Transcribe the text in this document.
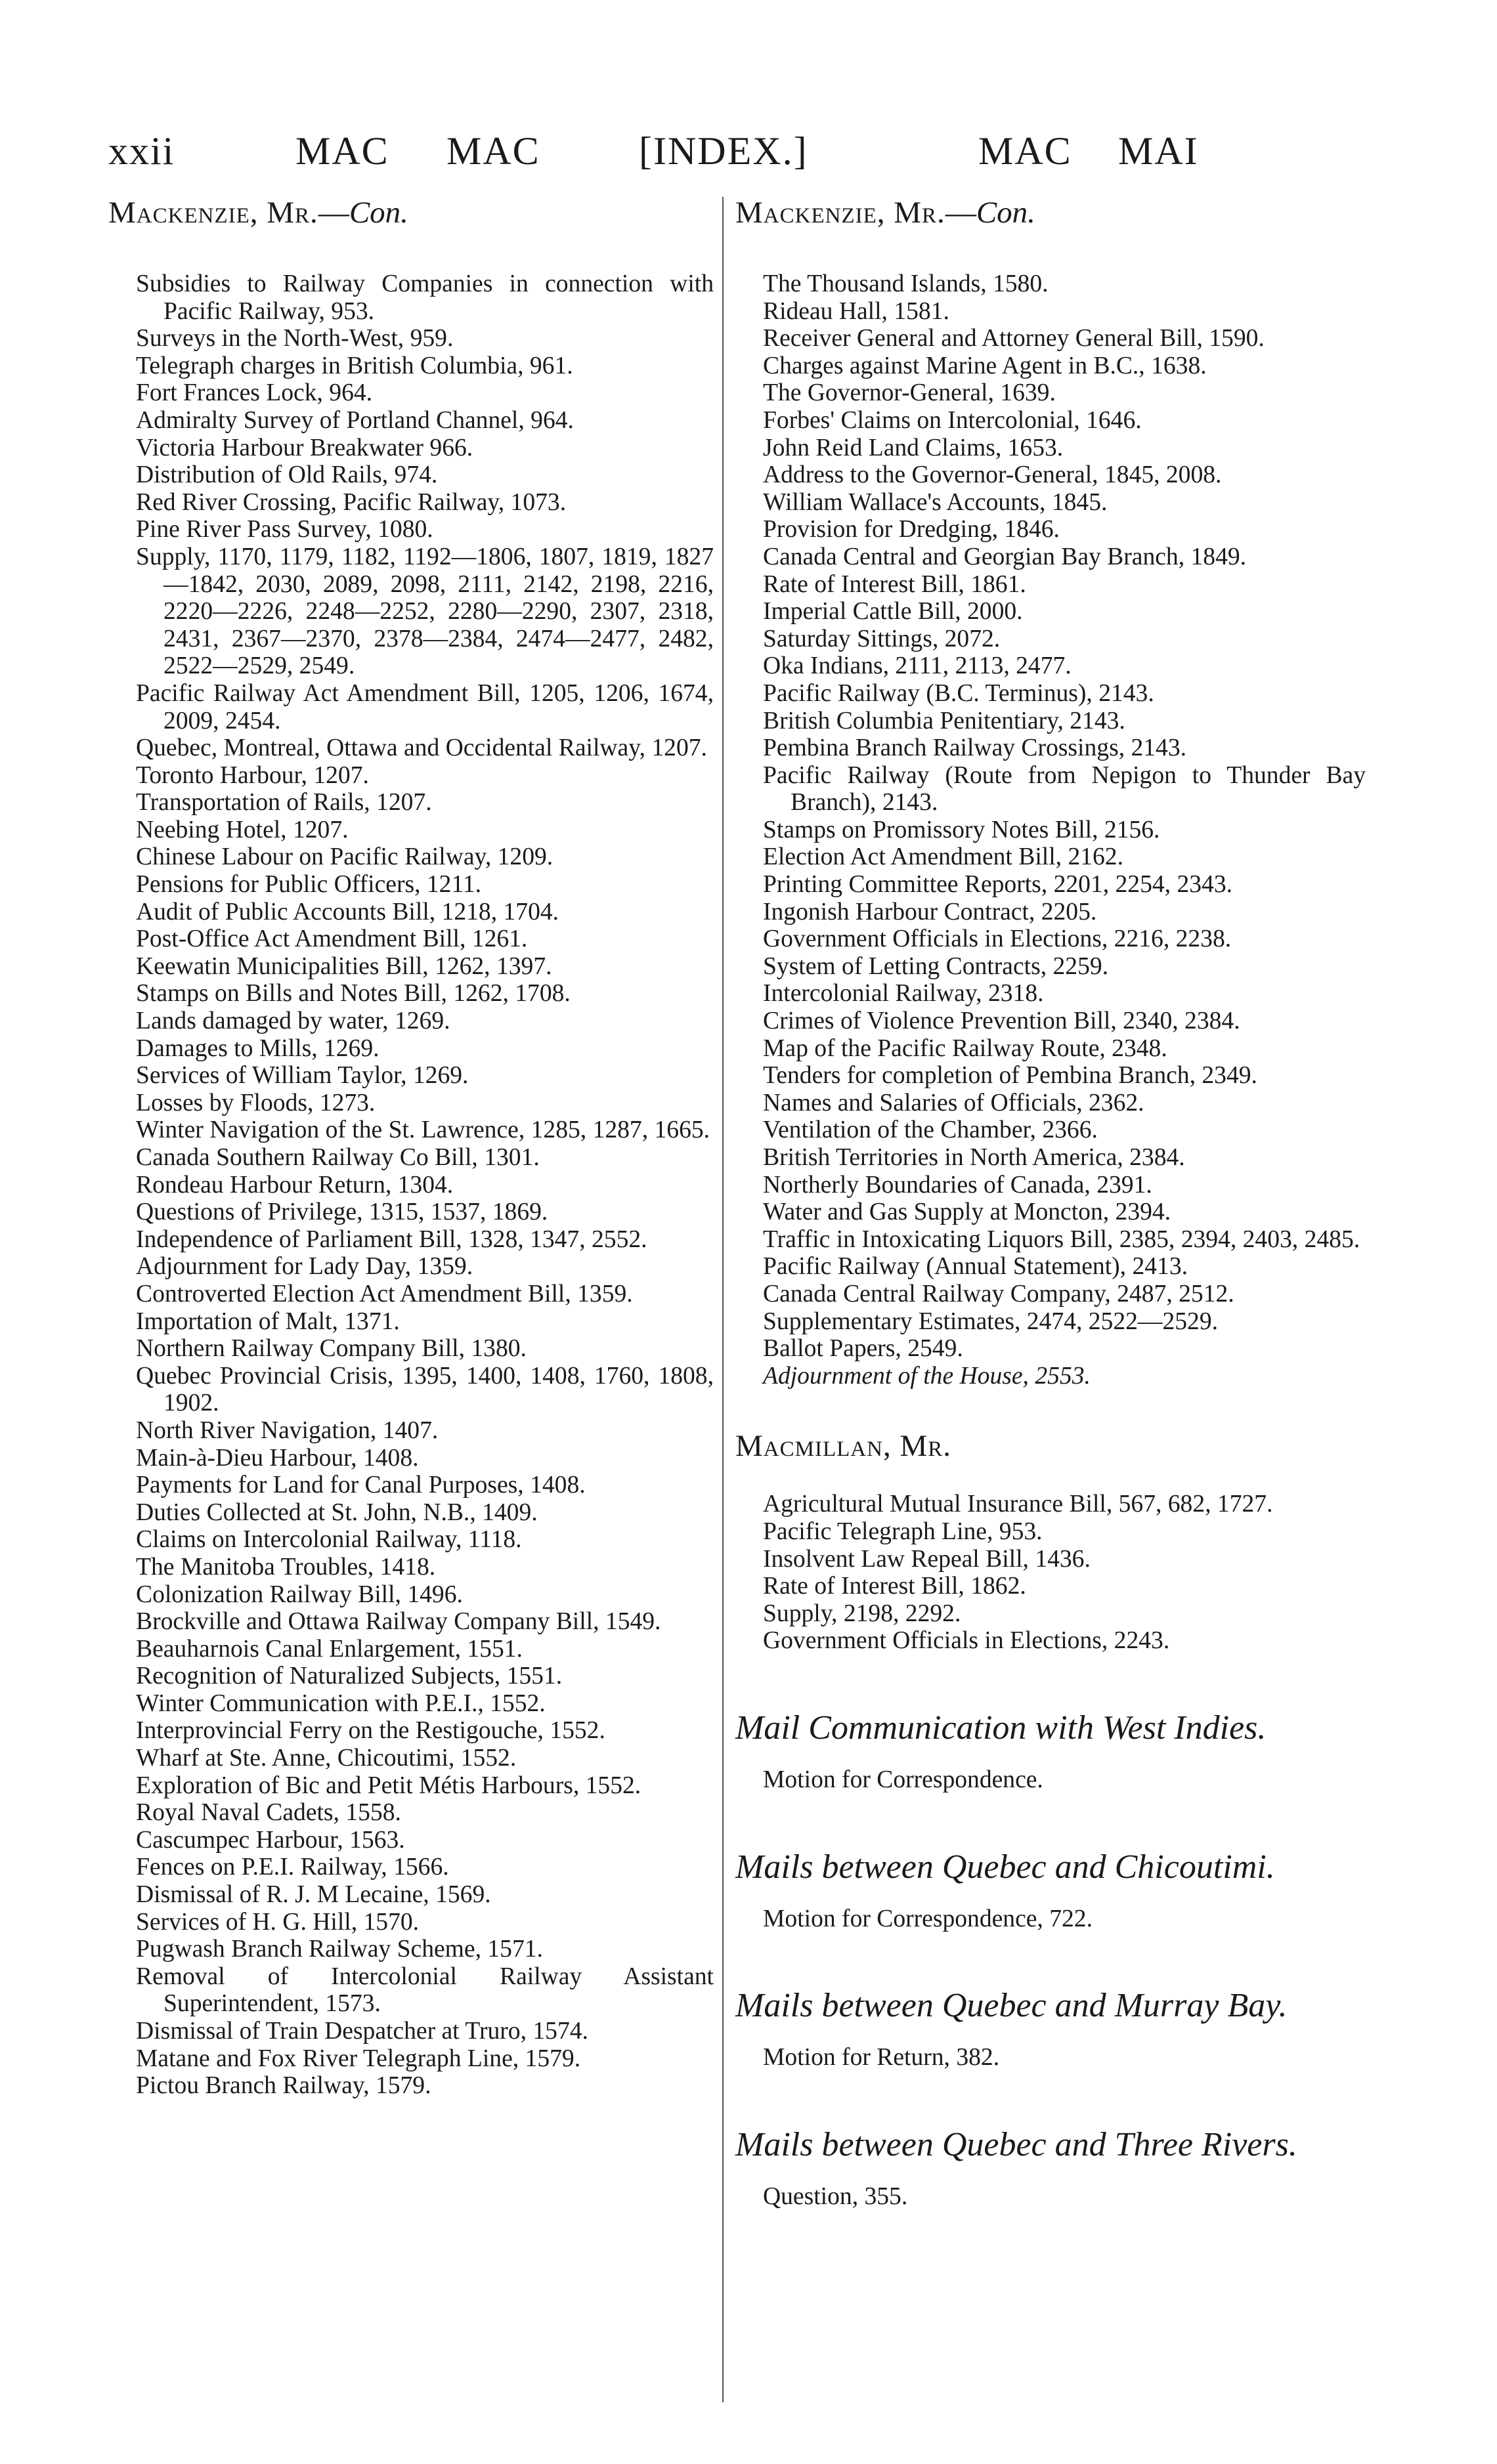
xxii	MAC MAC	[INDEX.]	MAC MAI
Mackenzie, Mr.—Con.
Subsidies to Railway Companies in connection with Pacific Railway, 953.
Surveys in the North-West, 959.
Telegraph charges in British Columbia, 961.
Fort Frances Lock, 964.
Admiralty Survey of Portland Channel, 964.
Victoria Harbour Breakwater 966.
Distribution of Old Rails, 974.
Red River Crossing, Pacific Railway, 1073.
Pine River Pass Survey, 1080.
Supply, 1170, 1179, 1182, 1192—1806, 1807, 1819, 1827—1842, 2030, 2089, 2098, 2111, 2142, 2198, 2216, 2220—2226, 2248—2252, 2280—2290, 2307, 2318, 2431, 2367—2370, 2378—2384, 2474—2477, 2482, 2522—2529, 2549.
Pacific Railway Act Amendment Bill, 1205, 1206, 1674, 2009, 2454.
Quebec, Montreal, Ottawa and Occidental Railway, 1207.
Toronto Harbour, 1207.
Transportation of Rails, 1207.
Neebing Hotel, 1207.
Chinese Labour on Pacific Railway, 1209.
Pensions for Public Officers, 1211.
Audit of Public Accounts Bill, 1218, 1704.
Post-Office Act Amendment Bill, 1261.
Keewatin Municipalities Bill, 1262, 1397.
Stamps on Bills and Notes Bill, 1262, 1708.
Lands damaged by water, 1269.
Damages to Mills, 1269.
Services of William Taylor, 1269.
Losses by Floods, 1273.
Winter Navigation of the St. Lawrence, 1285, 1287, 1665.
Canada Southern Railway Co Bill, 1301.
Rondeau Harbour Return, 1304.
Questions of Privilege, 1315, 1537, 1869.
Independence of Parliament Bill, 1328, 1347, 2552.
Adjournment for Lady Day, 1359.
Controverted Election Act Amendment Bill, 1359.
Importation of Malt, 1371.
Northern Railway Company Bill, 1380.
Quebec Provincial Crisis, 1395, 1400, 1408, 1760, 1808, 1902.
North River Navigation, 1407.
Main-à-Dieu Harbour, 1408.
Payments for Land for Canal Purposes, 1408.
Duties Collected at St. John, N.B., 1409.
Claims on Intercolonial Railway, 1118.
The Manitoba Troubles, 1418.
Colonization Railway Bill, 1496.
Brockville and Ottawa Railway Company Bill, 1549.
Beauharnois Canal Enlargement, 1551.
Recognition of Naturalized Subjects, 1551.
Winter Communication with P.E.I., 1552.
Interprovincial Ferry on the Restigouche, 1552.
Wharf at Ste. Anne, Chicoutimi, 1552.
Exploration of Bic and Petit Métis Harbours, 1552.
Royal Naval Cadets, 1558.
Cascumpec Harbour, 1563.
Fences on P.E.I. Railway, 1566.
Dismissal of R. J. M Lecaine, 1569.
Services of H. G. Hill, 1570.
Pugwash Branch Railway Scheme, 1571.
Removal of Intercolonial Railway Assistant Superintendent, 1573.
Dismissal of Train Despatcher at Truro, 1574.
Matane and Fox River Telegraph Line, 1579.
Pictou Branch Railway, 1579.
Mackenzie, Mr.—Con.
The Thousand Islands, 1580.
Rideau Hall, 1581.
Receiver General and Attorney General Bill, 1590.
Charges against Marine Agent in B.C., 1638.
The Governor-General, 1639.
Forbes' Claims on Intercolonial, 1646.
John Reid Land Claims, 1653.
Address to the Governor-General, 1845, 2008.
William Wallace's Accounts, 1845.
Provision for Dredging, 1846.
Canada Central and Georgian Bay Branch, 1849.
Rate of Interest Bill, 1861.
Imperial Cattle Bill, 2000.
Saturday Sittings, 2072.
Oka Indians, 2111, 2113, 2477.
Pacific Railway (B.C. Terminus), 2143.
British Columbia Penitentiary, 2143.
Pembina Branch Railway Crossings, 2143.
Pacific Railway (Route from Nepigon to Thunder Bay Branch), 2143.
Stamps on Promissory Notes Bill, 2156.
Election Act Amendment Bill, 2162.
Printing Committee Reports, 2201, 2254, 2343.
Ingonish Harbour Contract, 2205.
Government Officials in Elections, 2216, 2238.
System of Letting Contracts, 2259.
Intercolonial Railway, 2318.
Crimes of Violence Prevention Bill, 2340, 2384.
Map of the Pacific Railway Route, 2348.
Tenders for completion of Pembina Branch, 2349.
Names and Salaries of Officials, 2362.
Ventilation of the Chamber, 2366.
British Territories in North America, 2384.
Northerly Boundaries of Canada, 2391.
Water and Gas Supply at Moncton, 2394.
Traffic in Intoxicating Liquors Bill, 2385, 2394, 2403, 2485.
Pacific Railway (Annual Statement), 2413.
Canada Central Railway Company, 2487, 2512.
Supplementary Estimates, 2474, 2522—2529.
Ballot Papers, 2549.
Adjournment of the House, 2553.
Macmillan, Mr.
Agricultural Mutual Insurance Bill, 567, 682, 1727.
Pacific Telegraph Line, 953.
Insolvent Law Repeal Bill, 1436.
Rate of Interest Bill, 1862.
Supply, 2198, 2292.
Government Officials in Elections, 2243.
Mail Communication with West Indies.
Motion for Correspondence.
Mails between Quebec and Chicoutimi.
Motion for Correspondence, 722.
Mails between Quebec and Murray Bay.
Motion for Return, 382.
Mails between Quebec and Three Rivers.
Question, 355.
